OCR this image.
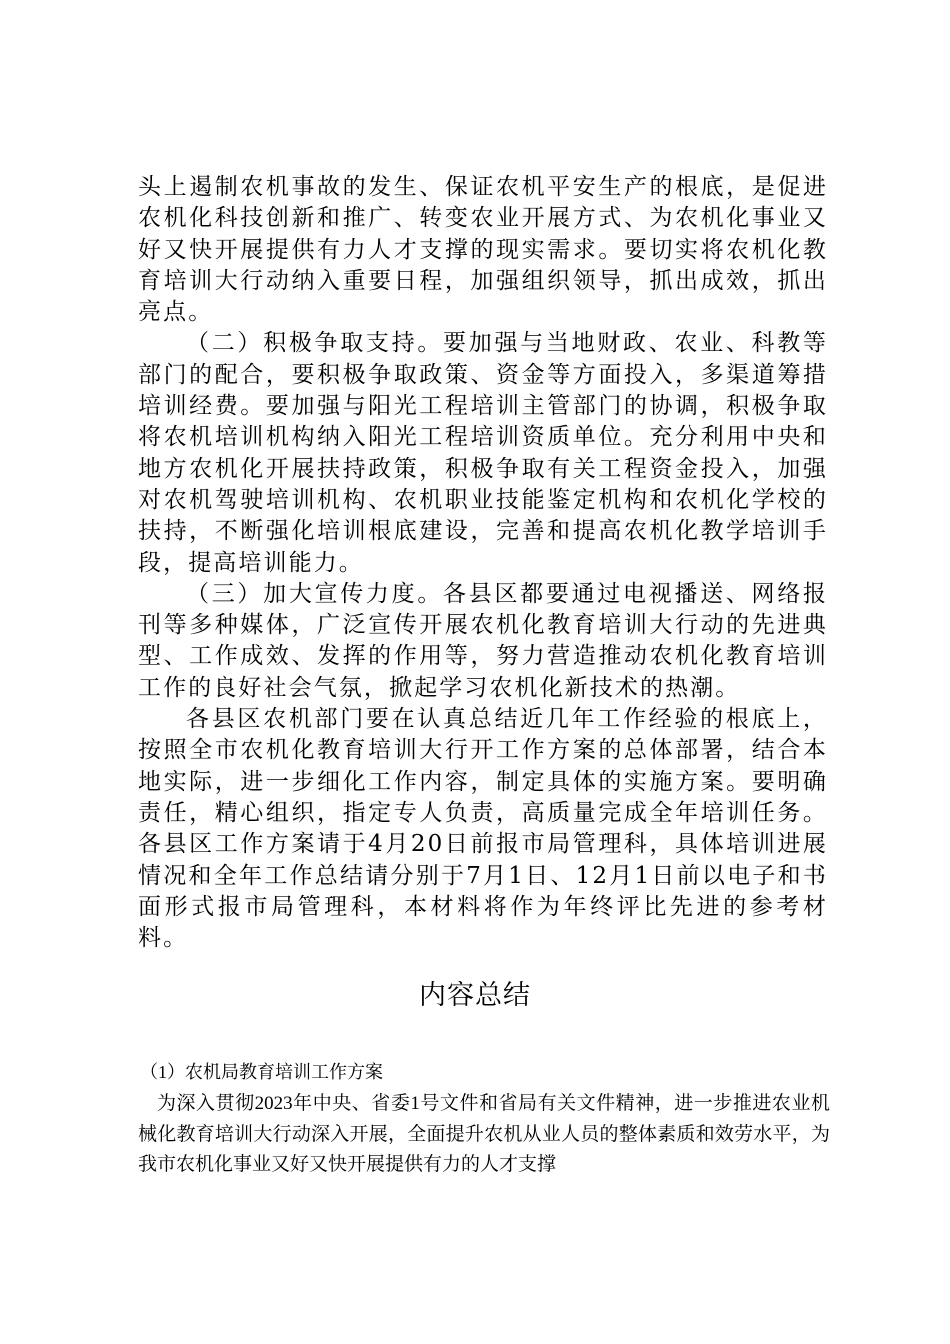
头上遏制农机事故的发生、保证农机平安生产的根底，是促进农机化科技创新和推广、转变农业开展方式、为农机化事业又好又快开展提供有力人才支撑的现实需求。要切实将农机化教育培训大行动纳入重要日程，加强组织领导，抓出成效，抓出亮点。

（二）积极争取支持。要加强与当地财政、农业、科教等部门的配合，要积极争取政策、资金等方面投入，多渠道筹措培训经费。要加强与阳光工程培训主管部门的协调，积极争取将农机培训机构纳入阳光工程培训资质单位。充分利用中央和地方农机化开展扶持政策，积极争取有关工程资金投入，加强对农机驾驶培训机构、农机职业技能鉴定机构和农机化学校的扶持，不断强化培训根底建设，完善和提高农机化教学培训手段，提高培训能力。

（三）加大宣传力度。各县区都要通过电视播送、网络报刊等多种媒体，广泛宣传开展农机化教育培训大行动的先进典型、工作成效、发挥的作用等，努力营造推动农机化教育培训工作的良好社会气氛，掀起学习农机化新技术的热潮。

各县区农机部门要在认真总结近几年工作经验的根底上，按照全市农机化教育培训大行开工作方案的总体部署，结合本地实际，进一步细化工作内容，制定具体的实施方案。要明确责任，精心组织，指定专人负责，高质量完成全年培训任务。各县区工作方案请于4月20日前报市局管理科，具体培训进展情况和全年工作总结请分别于7月1日、12月1日前以电子和书面形式报市局管理科，本材料将作为年终评比先进的参考材料。

内容总结
（1）农机局教育培训工作方案

为深入贯彻2023年中央、省委1号文件和省局有关文件精神，进一步推进农业机械化教育培训大行动深入开展，全面提升农机从业人员的整体素质和效劳水平，为我市农机化事业又好又快开展提供有力的人才支撑
